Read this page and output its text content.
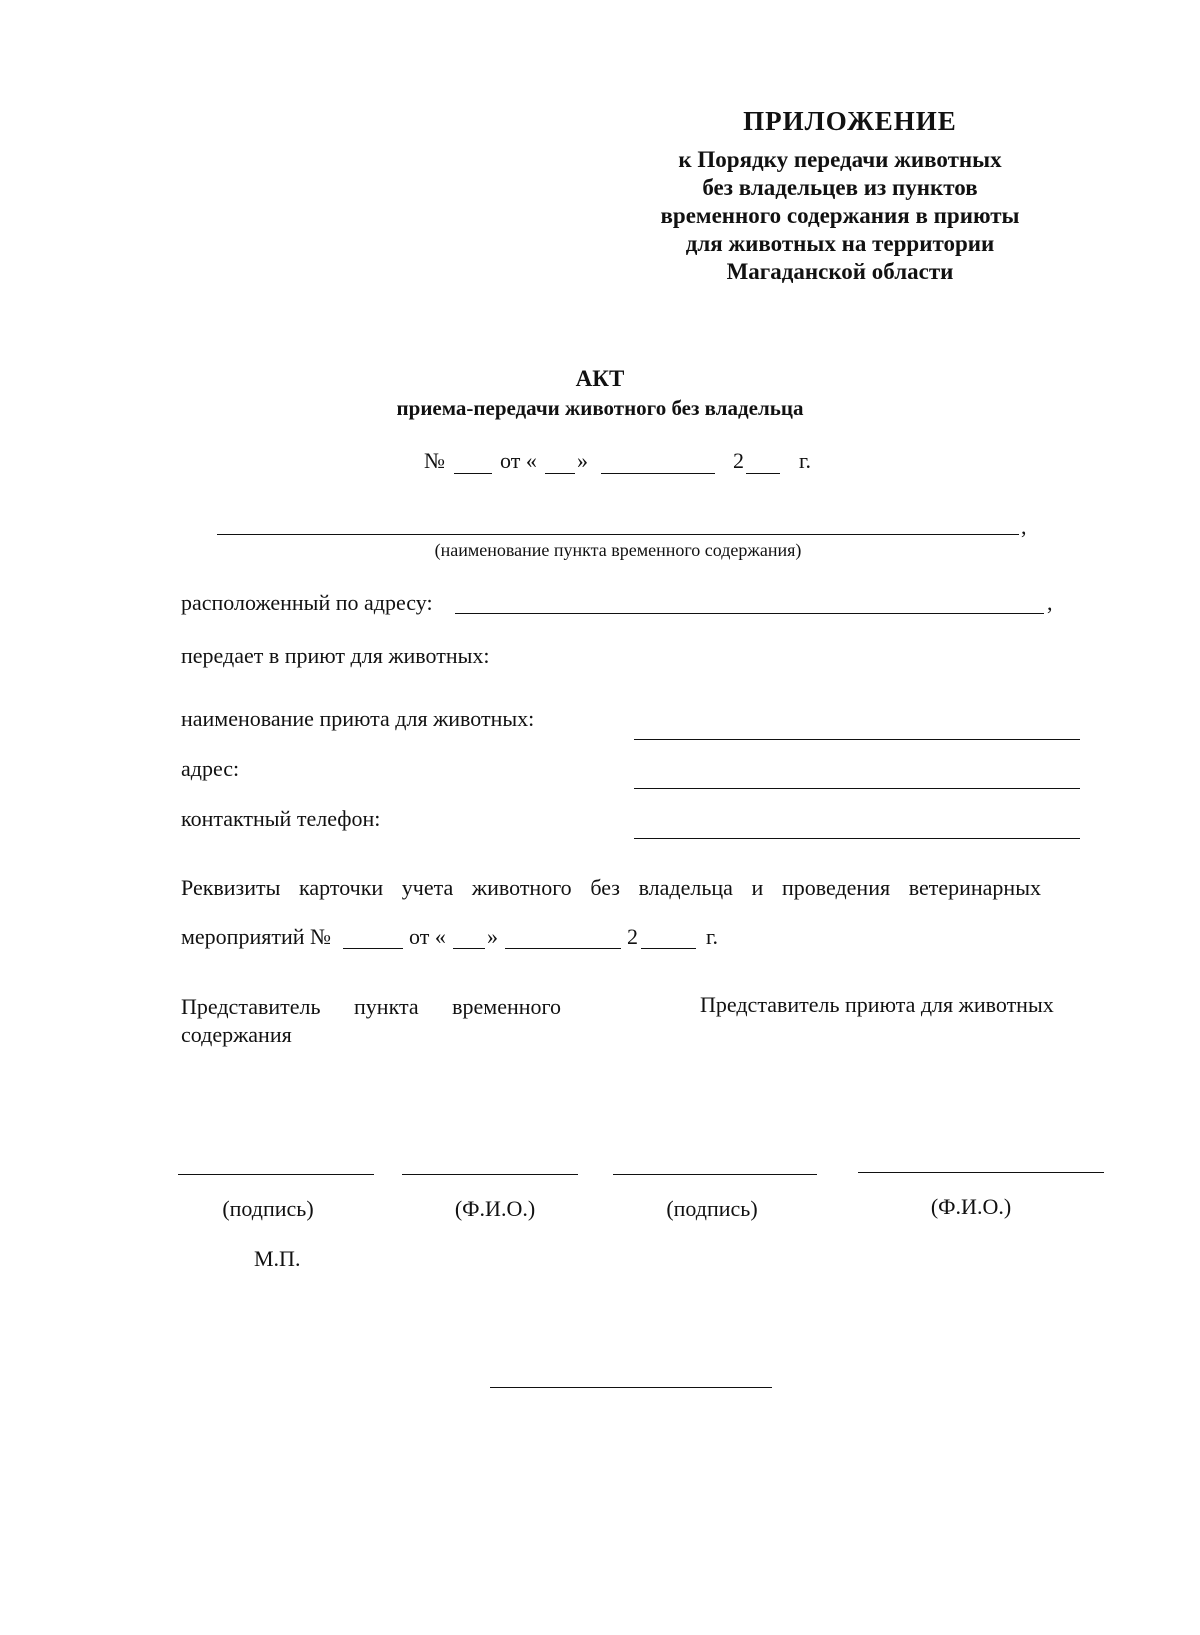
ПРИЛОЖЕНИЕ
к Порядку передачи животных
без владельцев из пунктов
временного содержания в приюты
для животных на территории
Магаданской области
АКТ
приема-передачи животного без владельца
№	от « »	2	г.
,
(наименование пункта временного содержания)
расположенный по адресу:	,
передает в приют для животных:
наименование приюта для животных:
адрес:
контактный телефон:
Реквизиты карточки учета животного без владельца и проведения ветеринарных
мероприятий №	от « »	2	г.
Представитель пункта временного
содержания
Представитель приюта для животных
(подпись)	(Ф.И.О.)	(подпись)	(Ф.И.О.)
М.П.
